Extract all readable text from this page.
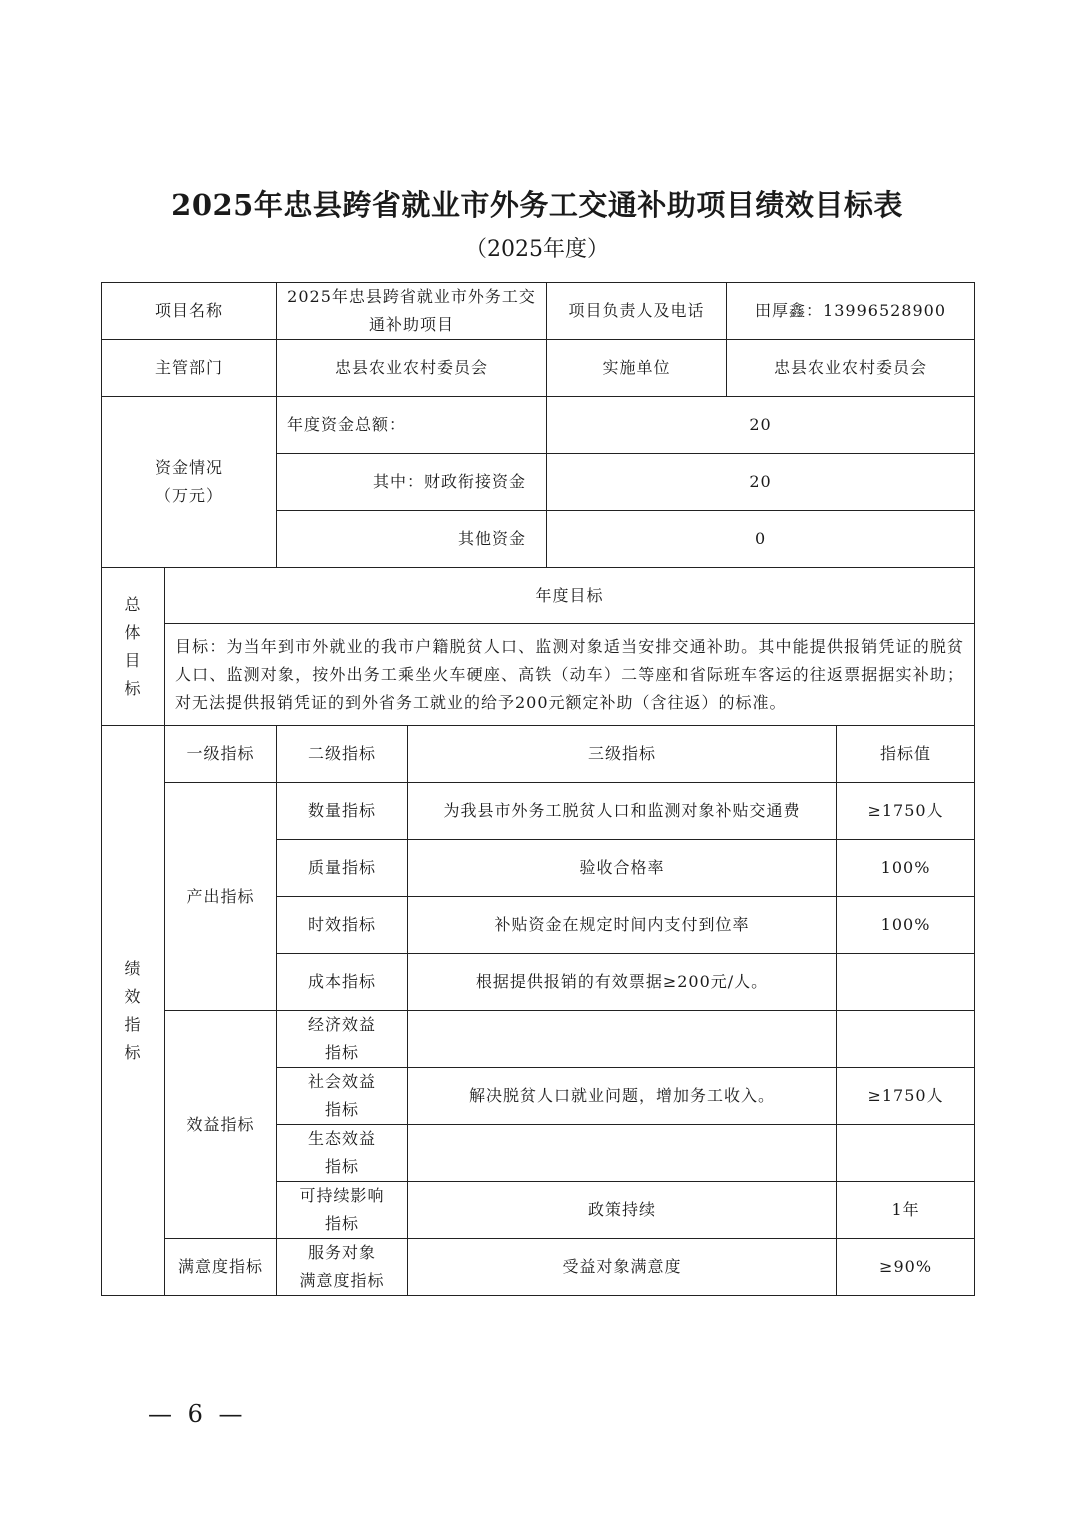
2025年忠县跨省就业市外务工交通补助项目绩效目标表
（2025年度）
项目名称		2025年忠县跨省就业市外务工交通补助项目		项目负责人及电话	田厚鑫：13996528900	
主管部门		忠县农业农村委员会		实施单位	忠县农业农村委员会	

资金情况
（万元）		年度资金总额：		20		
		其中：财政衔接资金		20		
		其他资金		0		

总
体
目
标	年度目标					
	目标：为当年到市外就业的我市户籍脱贫人口、监测对象适当安排交通补助。其中能提供报销凭证的脱贫人口、监测对象，按外出务工乘坐火车硬座、高铁（动车）二等座和省际班车客运的往返票据据实补助；对无法提供报销凭证的到外省务工就业的给予200元额定补助（含往返）的标准。					

绩
效
指
标	一级指标	二级指标	三级指标			指标值
	产出指标	数量指标	为我县市外务工脱贫人口和监测对象补贴交通费			≥1750人
		质量指标	验收合格率			100%
		时效指标	补贴资金在规定时间内支付到位率			100%
		成本指标	根据提供报销的有效票据≥200元/人。			
	效益指标	经济效益
指标				

		社会效益
指标	解决脱贫人口就业问题，增加务工收入。			≥1750人

		生态效益
指标				

		可持续影响
指标	政策持续			1年
	满意度指标	服务对象
满意度指标	受益对象满意度			≥90%
— 6 —
